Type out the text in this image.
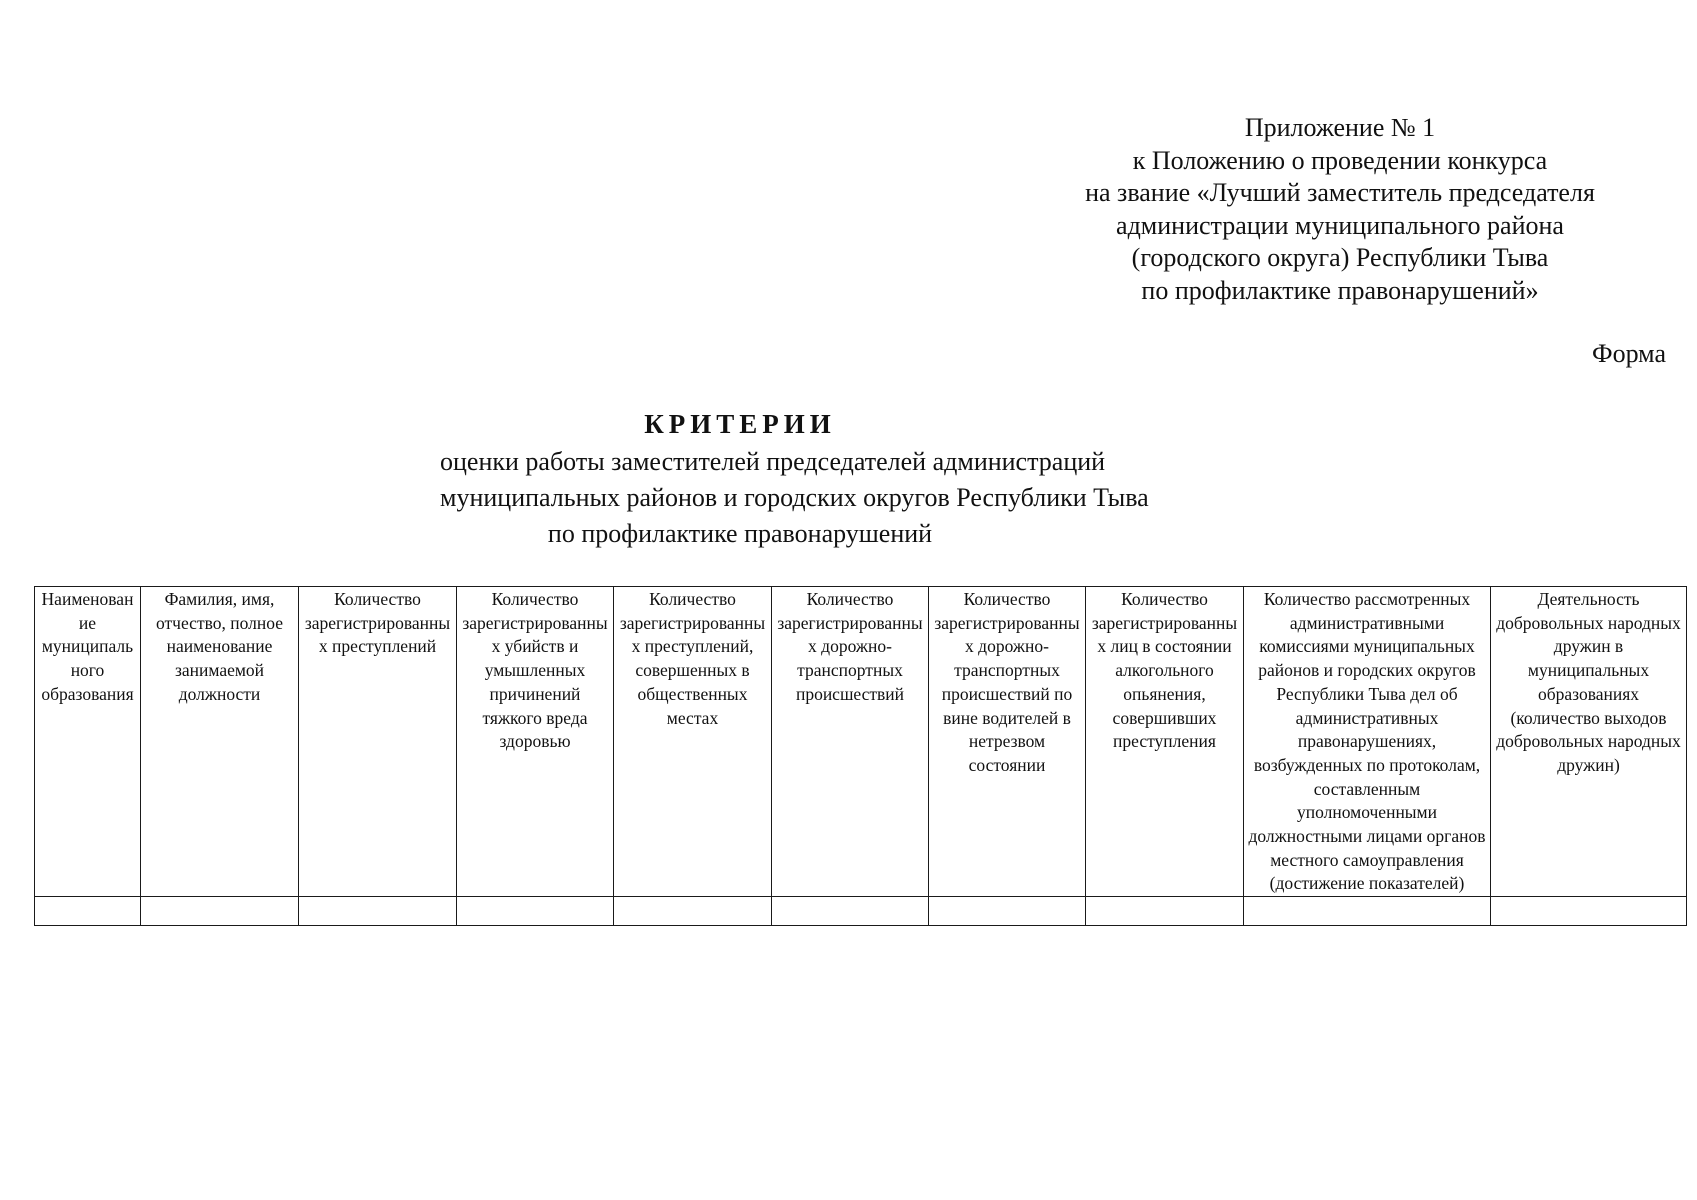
Приложение № 1
к Положению о проведении конкурса
на звание «Лучший заместитель председателя
администрации муниципального района
(городского округа) Республики Тыва
по профилактике правонарушений»
Форма
КРИТЕРИИ
оценки работы заместителей председателей администраций
муниципальных районов и городских округов Республики Тыва
по профилактике правонарушений
Наименование муниципального образования	Фамилия, имя, отчество, полное наименование занимаемой должности	Количество зарегистрированных преступлений	Количество зарегистрированных убийств и умышленных причинений тяжкого вреда здоровью	Количество зарегистрированных преступлений, совершенных в общественных местах	Количество зарегистрированных дорожно-транспортных происшествий	Количество зарегистрированных дорожно-транспортных происшествий по вине водителей в нетрезвом состоянии	Количество зарегистрированных лиц в состоянии алкогольного опьянения, совершивших преступления	Количество рассмотренных административными комиссиями муниципальных районов и городских округов Республики Тыва дел об административных правонарушениях, возбужденных по протоколам, составленным уполномоченными должностными лицами органов местного самоуправления (достижение показателей)	Деятельность добровольных народных дружин в муниципальных образованиях (количество выходов добровольных народных дружин)
